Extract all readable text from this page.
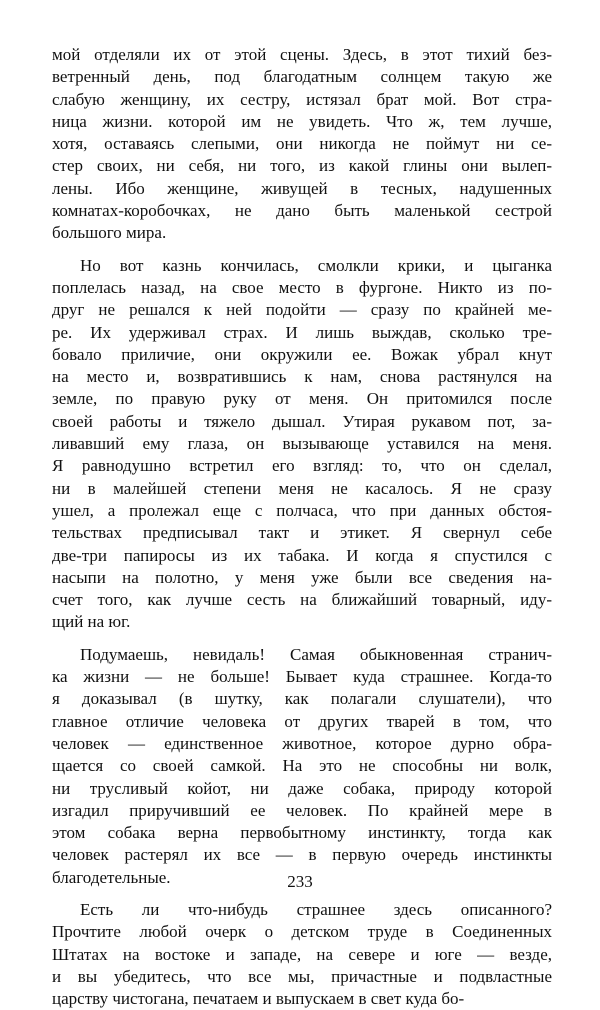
мой отделяли их от этой сцены. Здесь, в этот тихий без-
ветренный день, под благодатным солнцем такую же
слабую женщину, их сестру, истязал брат мой. Вот стра-
ница жизни. которой им не увидеть. Что ж, тем лучше,
хотя, оставаясь слепыми, они никогда не поймут ни се-
стер своих, ни себя, ни того, из какой глины они вылеп-
лены. Ибо женщине, живущей в тесных, надушенных
комнатах-коробочках, не дано быть маленькой сестрой
большого мира.
Но вот казнь кончилась, смолкли крики, и цыганка
поплелась назад, на свое место в фургоне. Никто из по-
друг не решался к ней подойти — сразу по крайней ме-
ре. Их удерживал страх. И лишь выждав, сколько тре-
бовало приличие, они окружили ее. Вожак убрал кнут
на место и, возвратившись к нам, снова растянулся на
земле, по правую руку от меня. Он притомился после
своей работы и тяжело дышал. Утирая рукавом пот, за-
ливавший ему глаза, он вызывающе уставился на меня.
Я равнодушно встретил его взгляд: то, что он сделал,
ни в малейшей степени меня не касалось. Я не сразу
ушел, а пролежал еще с полчаса, что при данных обстоя-
тельствах предписывал такт и этикет. Я свернул себе
две-три папиросы из их табака. И когда я спустился с
насыпи на полотно, у меня уже были все сведения на-
счет того, как лучше сесть на ближайший товарный, иду-
щий на юг.
Подумаешь, невидаль! Самая обыкновенная странич-
ка жизни — не больше! Бывает куда страшнее. Когда-то
я доказывал (в шутку, как полагали слушатели), что
главное отличие человека от других тварей в том, что
человек — единственное животное, которое дурно обра-
щается со своей самкой. На это не способны ни волк,
ни трусливый койот, ни даже собака, природу которой
изгадил приручивший ее человек. По крайней мере в
этом собака верна первобытному инстинкту, тогда как
человек растерял их все — в первую очередь инстинкты
благодетельные.
Есть ли что-нибудь страшнее здесь описанного?
Прочтите любой очерк о детском труде в Соединенных
Штатах на востоке и западе, на севере и юге — везде,
и вы убедитесь, что все мы, причастные и подвластные
царству чистогана, печатаем и выпускаем в свет куда бо-
233
